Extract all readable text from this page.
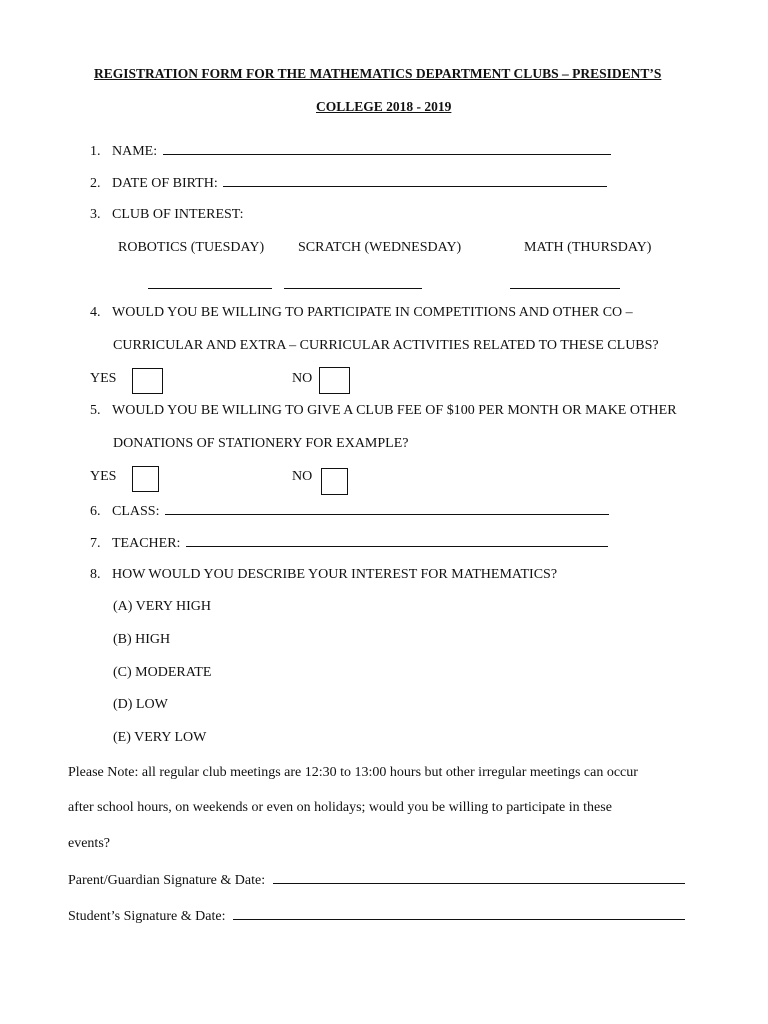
REGISTRATION FORM FOR THE MATHEMATICS DEPARTMENT CLUBS – PRESIDENT’S
COLLEGE 2018 - 2019
1. NAME:
2. DATE OF BIRTH:
3. CLUB OF INTEREST:
ROBOTICS (TUESDAY) SCRATCH (WEDNESDAY)	MATH (THURSDAY)
4. WOULD YOU BE WILLING TO PARTICIPATE IN COMPETITIONS AND OTHER CO –
CURRICULAR AND EXTRA – CURRICULAR ACTIVITIES RELATED TO THESE CLUBS?
YES	NO
5. WOULD YOU BE WILLING TO GIVE A CLUB FEE OF $100 PER MONTH OR MAKE OTHER
DONATIONS OF STATIONERY FOR EXAMPLE?
YES	NO
6. CLASS:
7. TEACHER:
8. HOW WOULD YOU DESCRIBE YOUR INTEREST FOR MATHEMATICS?
(A) VERY HIGH
(B) HIGH
(C) MODERATE
(D) LOW
(E) VERY LOW
Please Note: all regular club meetings are 12:30 to 13:00 hours but other irregular meetings can occur
after school hours, on weekends or even on holidays; would you be willing to participate in these
events?
Parent/Guardian Signature & Date:
Student’s Signature & Date:
